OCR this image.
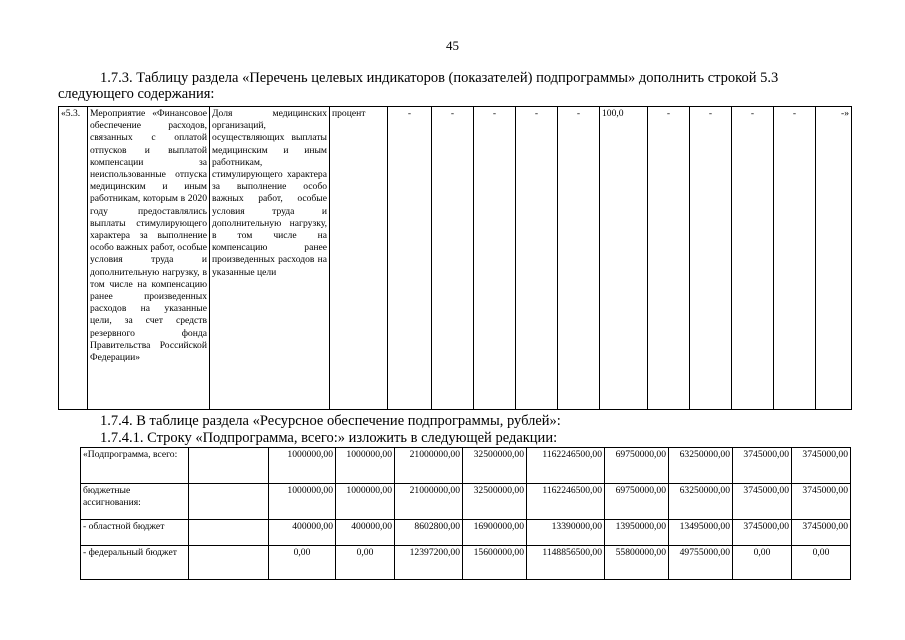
45
1.7.3. Таблицу раздела «Перечень целевых индикаторов (показателей) подпрограммы» дополнить строкой 5.3
следующего содержания:
«5.3.	Мероприятие «Финансовое обеспечение расходов, связанных с оплатой отпусков и выплатой компенсации за неиспользованные отпуска медицинским и иным работникам, которым в 2020 году предоставлялись выплаты стимулирующего характера за выполнение особо важных работ, особые условия труда и дополнительную нагрузку, в том числе на компенсацию ранее произведенных расходов на указанные цели, за счет средств резервного фонда Правительства Российской Федерации»	Доля медицинских организаций, осуществляющих выплаты медицинским и иным работникам, стимулирующего характера за выполнение особо важных работ, особые условия труда и дополнительную нагрузку, в том числе на компенсацию ранее произведенных расходов на указанные цели	процент	-	-	-	-	-	100,0	-	-	-	-	-»
1.7.4. В таблице раздела «Ресурсное обеспечение подпрограммы, рублей»:
1.7.4.1. Строку «Подпрограмма, всего:» изложить в следующей редакции:
«Подпрограмма, всего:		1000000,00	1000000,00	21000000,00	32500000,00	1162246500,00	69750000,00	63250000,00	3745000,00	3745000,00
бюджетные ассигнования:		1000000,00	1000000,00	21000000,00	32500000,00	1162246500,00	69750000,00	63250000,00	3745000,00	3745000,00
- областной бюджет		400000,00	400000,00	8602800,00	16900000,00	13390000,00	13950000,00	13495000,00	3745000,00	3745000,00
- федеральный бюджет		0,00	0,00	12397200,00	15600000,00	1148856500,00	55800000,00	49755000,00	0,00	0,00
